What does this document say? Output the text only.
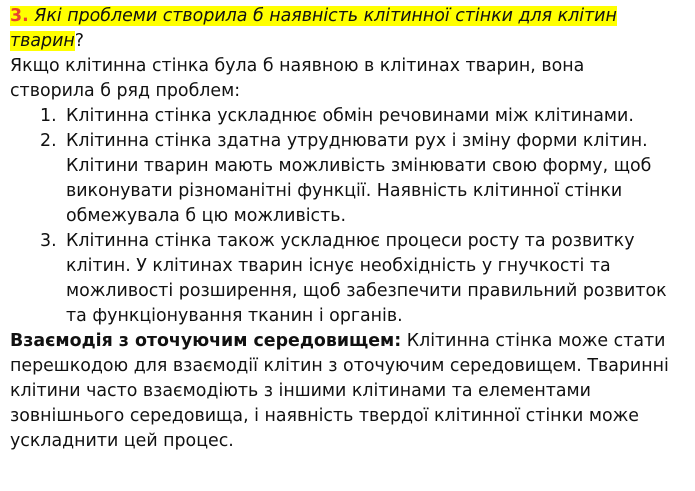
3. Які проблеми створила б наявність клітинної стінки для клітин
тварин?
Якщо клітинна стінка була б наявною в клітинах тварин, вона
створила б ряд проблем:
1. Клітинна стінка ускладнює обмін речовинами між клітинами.
2. Клітинна стінка здатна утруднювати рух і зміну форми клітин.
Клітини тварин мають можливість змінювати свою форму, щоб
виконувати різноманітні функції. Наявність клітинної стінки
обмежувала б цю можливість.
3. Клітинна стінка також ускладнює процеси росту та розвитку
клітин. У клітинах тварин існує необхідність у гнучкості та
можливості розширення, щоб забезпечити правильний розвиток
та функціонування тканин і органів.
Взаємодія з оточуючим середовищем: Клітинна стінка може стати
перешкодою для взаємодії клітин з оточуючим середовищем. Тваринні
клітини часто взаємодіють з іншими клітинами та елементами
зовнішнього середовища, і наявність твердої клітинної стінки може
ускладнити цей процес.
